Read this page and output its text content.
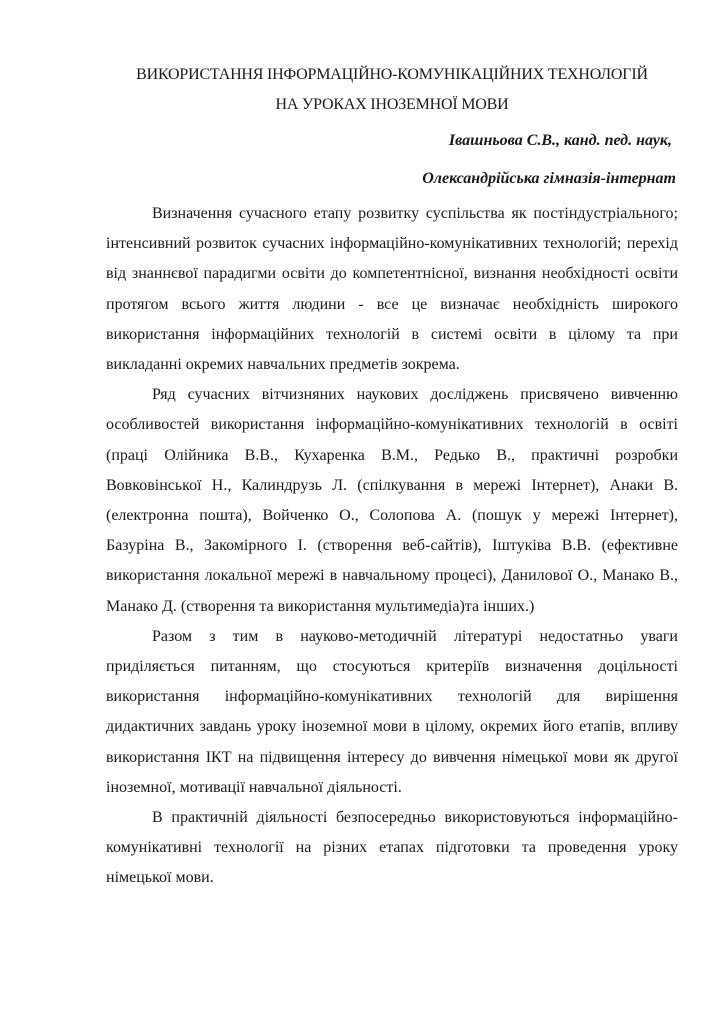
ВИКОРИСТАННЯ ІНФОРМАЦІЙНО-КОМУНІКАЦІЙНИХ ТЕХНОЛОГІЙ

НА УРОКАХ ІНОЗЕМНОЇ МОВИ

Івашньова С.В., канд. пед. наук,

Олександрійська гімназія-інтернат

Визначення сучасного етапу розвитку суспільства як постіндустріального; інтенсивний розвиток сучасних інформаційно-комунікативних технологій; перехід від знаннєвої парадигми освіти до компетентнісної, визнання необхідності освіти протягом всього життя людини - все це визначає необхідність широкого використання інформаційних технологій в системі освіти в цілому та при викладанні окремих навчальних предметів зокрема.

Ряд сучасних вітчизняних наукових досліджень присвячено вивченню особливостей використання інформаційно-комунікативних технологій в освіті (праці Олійника В.В., Кухаренка В.М., Редько В., практичні розробки Вовковінської Н., Калиндрузь Л. (спілкування в мережі Інтернет), Анаки В. (електронна пошта), Войченко О., Солопова А. (пошук у мережі Інтернет), Базуріна В., Закомірного І. (створення веб-сайтів), Іштуківа В.В. (ефективне використання локальної мережі в навчальному процесі), Данилової О., Манако В., Манако Д. (створення та використання мультимедіа)та інших.)

Разом з тим в науково-методичній літературі недостатньо уваги приділяється питанням, що стосуються критеріїв визначення доцільності використання інформаційно-комунікативних технологій для вирішення дидактичних завдань уроку іноземної мови в цілому, окремих його етапів, впливу використання ІКТ на підвищення інтересу до вивчення німецької мови як другої іноземної, мотивації навчальної діяльності.

В практичній діяльності безпосередньо використовуються інформаційно-комунікативні технології на різних етапах підготовки та проведення уроку німецької мови.
